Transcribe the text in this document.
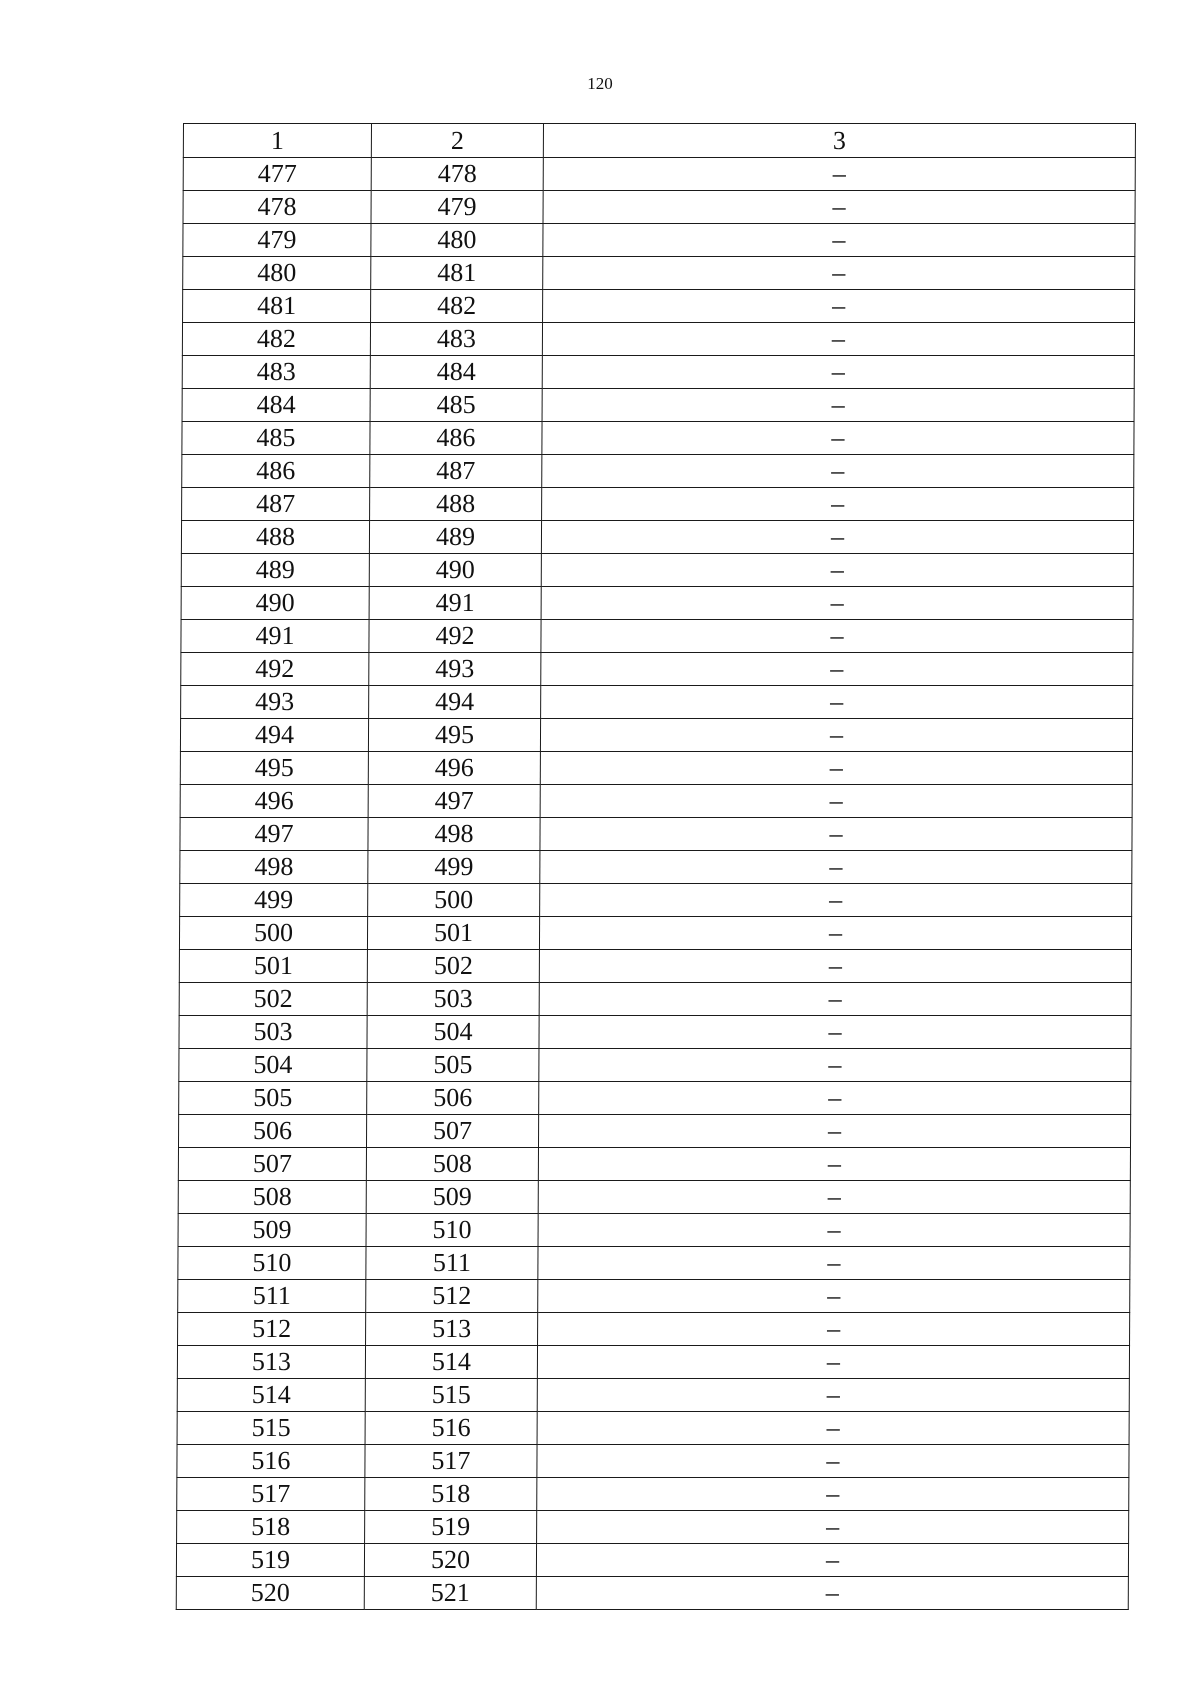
120
1	2	3
477	478	–
478	479	–
479	480	–
480	481	–
481	482	–
482	483	–
483	484	–
484	485	–
485	486	–
486	487	–
487	488	–
488	489	–
489	490	–
490	491	–
491	492	–
492	493	–
493	494	–
494	495	–
495	496	–
496	497	–
497	498	–
498	499	–
499	500	–
500	501	–
501	502	–
502	503	–
503	504	–
504	505	–
505	506	–
506	507	–
507	508	–
508	509	–
509	510	–
510	511	–
511	512	–
512	513	–
513	514	–
514	515	–
515	516	–
516	517	–
517	518	–
518	519	–
519	520	–
520	521	–
